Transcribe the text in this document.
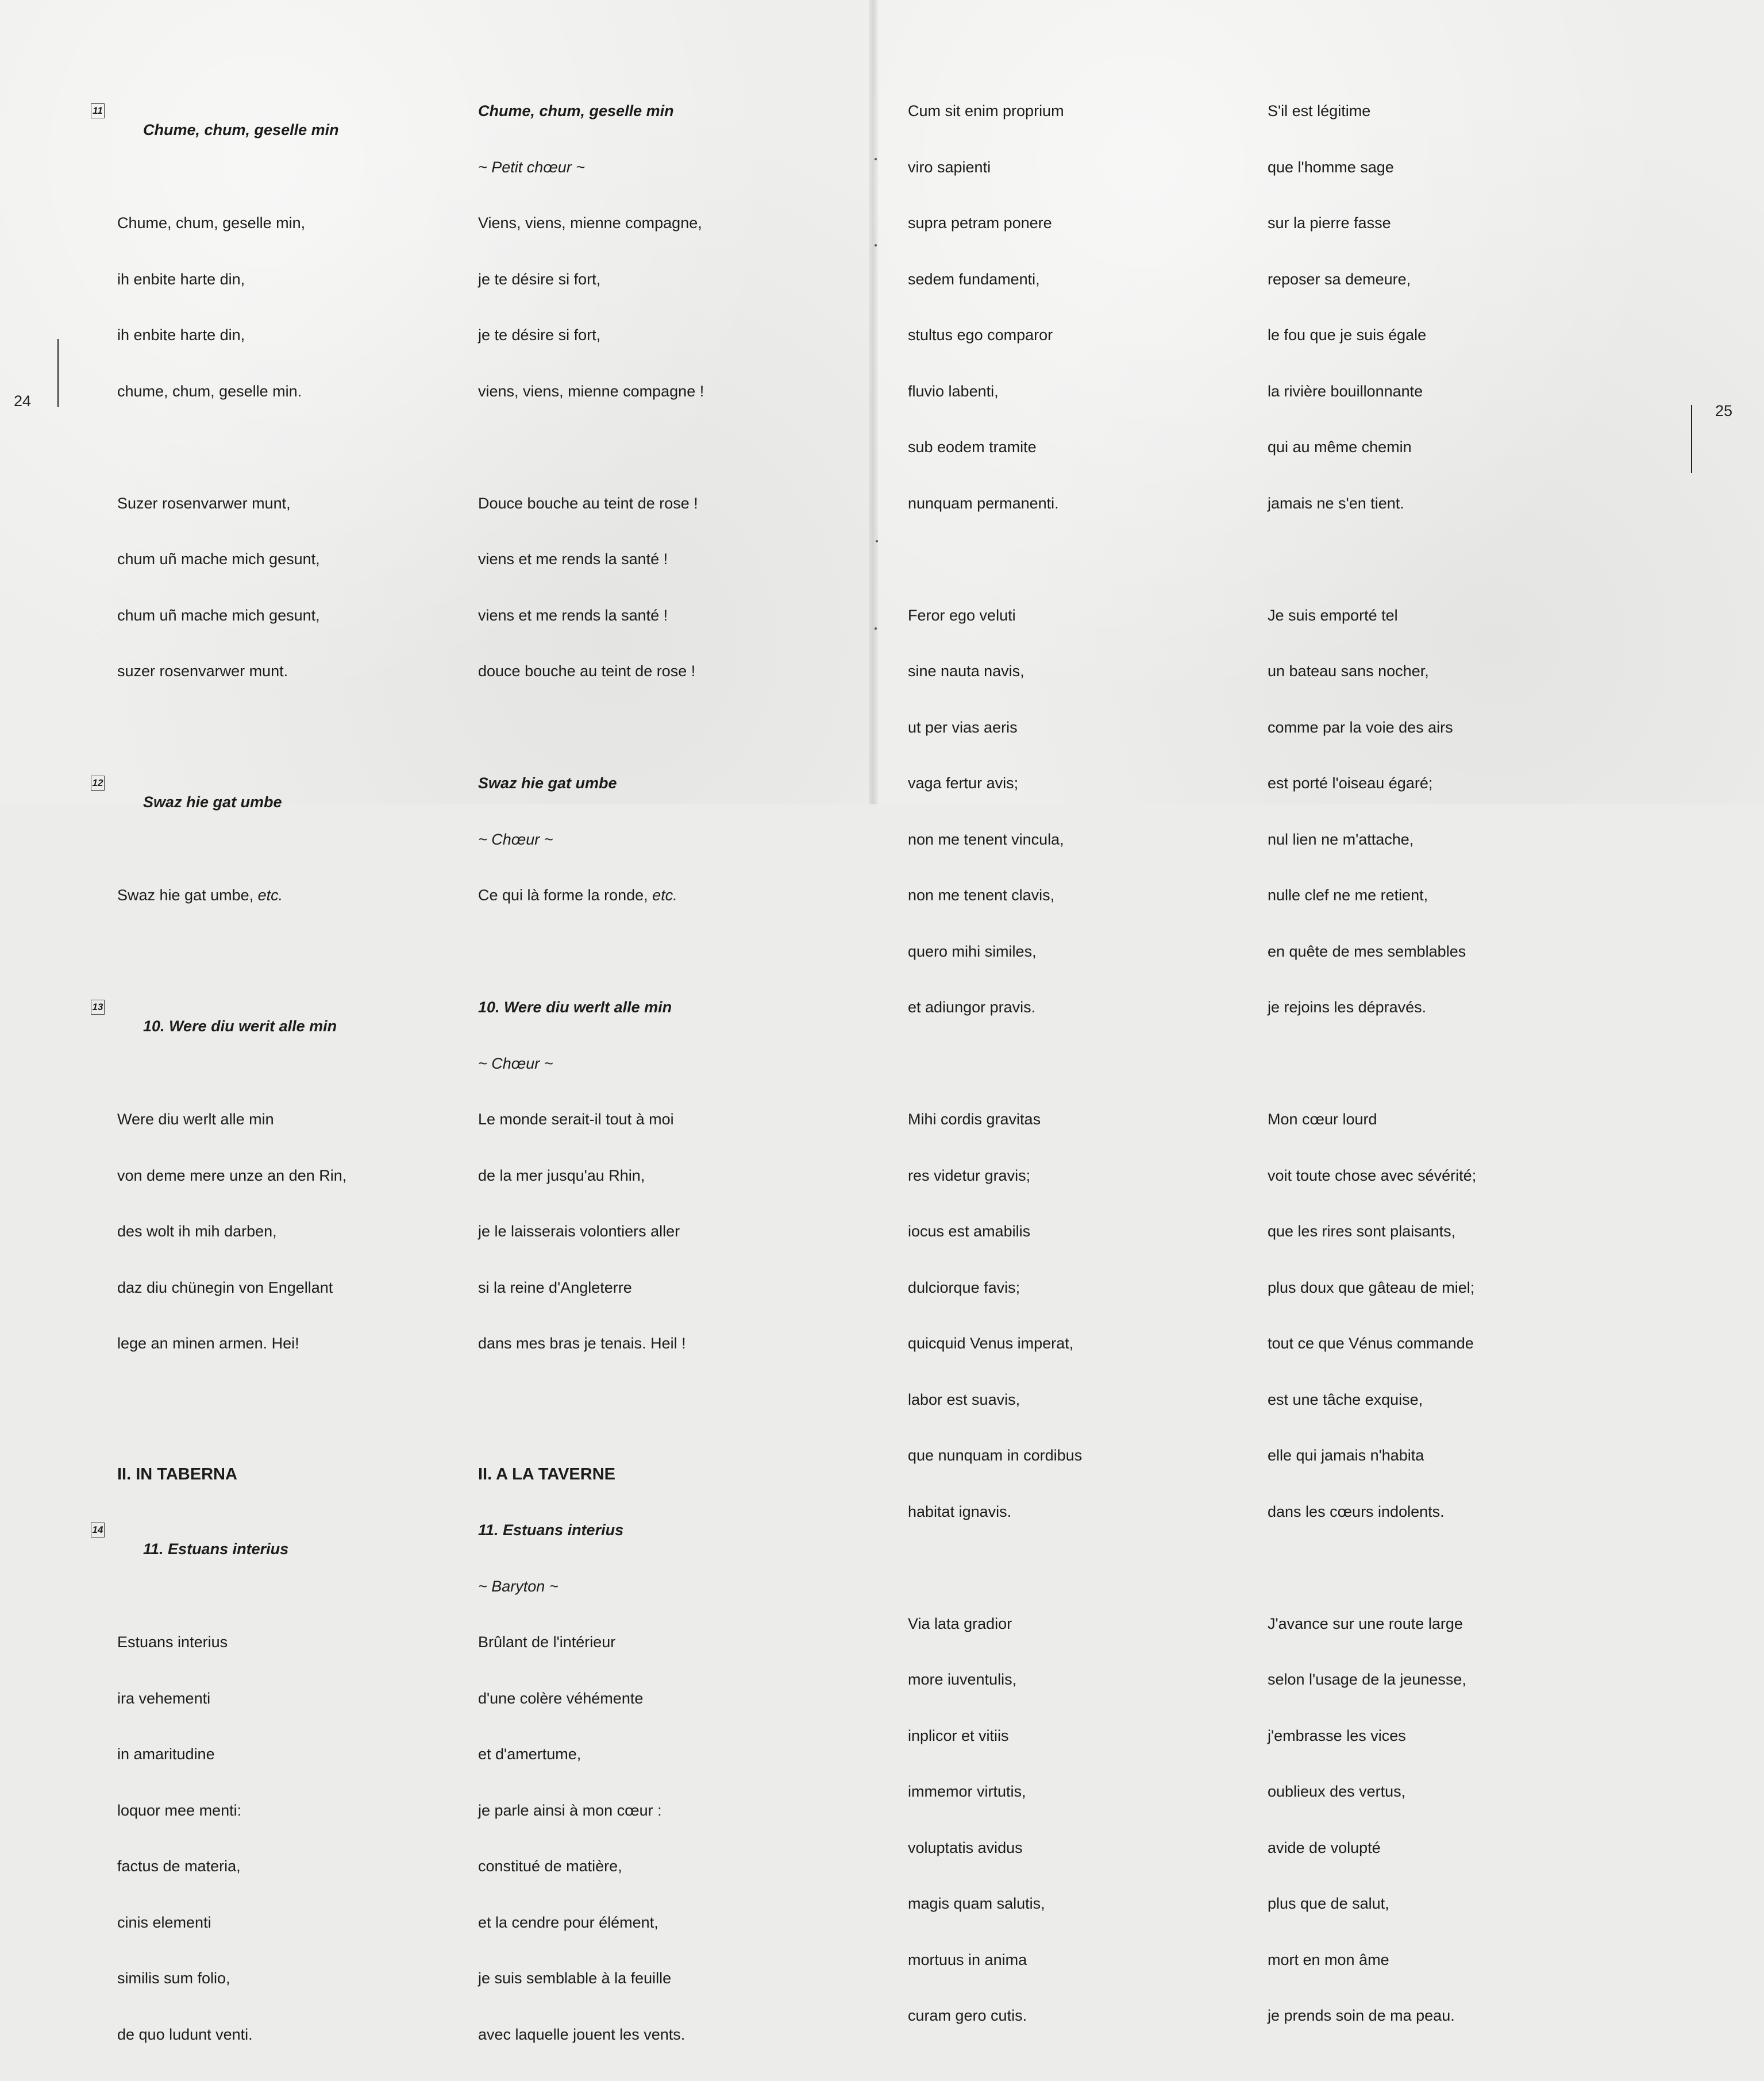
24
25

11
Chume, chum, geselle min

Chume, chum, geselle min,

ih enbite harte din,

ih enbite harte din,

chume, chum, geselle min.

Suzer rosenvarwer munt,

chum uñ mache mich gesunt,

chum uñ mache mich gesunt,

suzer rosenvarwer munt.

12
Swaz hie gat umbe

Swaz hie gat umbe, etc.

13
10. Were diu werit alle min

Were diu werlt alle min

von deme mere unze an den Rin,

des wolt ih mih darben,

daz diu chünegin von Engellant

lege an minen armen. Hei!

II. IN TABERNA

14
11. Estuans interius

Estuans interius

ira vehementi

in amaritudine

loquor mee menti:

factus de materia,

cinis elementi

similis sum folio,

de quo ludunt venti.

Chume, chum, geselle min

~ Petit chœur ~

Viens, viens, mienne compagne,

je te désire si fort,

je te désire si fort,

viens, viens, mienne compagne !

Douce bouche au teint de rose !

viens et me rends la santé !

viens et me rends la santé !

douce bouche au teint de rose !

Swaz hie gat umbe

~ Chœur ~

Ce qui là forme la ronde, etc.

10. Were diu werlt alle min

~ Chœur ~

Le monde serait-il tout à moi

de la mer jusqu'au Rhin,

je le laisserais volontiers aller

si la reine d'Angleterre

dans mes bras je tenais. Heil !

II. A LA TAVERNE

11. Estuans interius

~ Baryton ~

Brûlant de l'intérieur

d'une colère véhémente

et d'amertume,

je parle ainsi à mon cœur :

constitué de matière,

et la cendre pour élément,

je suis semblable à la feuille

avec laquelle jouent les vents.

Cum sit enim proprium

viro sapienti

supra petram ponere

sedem fundamenti,

stultus ego comparor

fluvio labenti,

sub eodem tramite

nunquam permanenti.

Feror ego veluti

sine nauta navis,

ut per vias aeris

vaga fertur avis;

non me tenent vincula,

non me tenent clavis,

quero mihi similes,

et adiungor pravis.

Mihi cordis gravitas

res videtur gravis;

iocus est amabilis

dulciorque favis;

quicquid Venus imperat,

labor est suavis,

que nunquam in cordibus

habitat ignavis.

Via lata gradior

more iuventulis,

inplicor et vitiis

immemor virtutis,

voluptatis avidus

magis quam salutis,

mortuus in anima

curam gero cutis.

S'il est légitime

que l'homme sage

sur la pierre fasse

reposer sa demeure,

le fou que je suis égale

la rivière bouillonnante

qui au même chemin

jamais ne s'en tient.

Je suis emporté tel

un bateau sans nocher,

comme par la voie des airs

est porté l'oiseau égaré;

nul lien ne m'attache,

nulle clef ne me retient,

en quête de mes semblables

je rejoins les dépravés.

Mon cœur lourd

voit toute chose avec sévérité;

que les rires sont plaisants,

plus doux que gâteau de miel;

tout ce que Vénus commande

est une tâche exquise,

elle qui jamais n'habita

dans les cœurs indolents.

J'avance sur une route large

selon l'usage de la jeunesse,

j'embrasse les vices

oublieux des vertus,

avide de volupté

plus que de salut,

mort en mon âme

je prends soin de ma peau.
